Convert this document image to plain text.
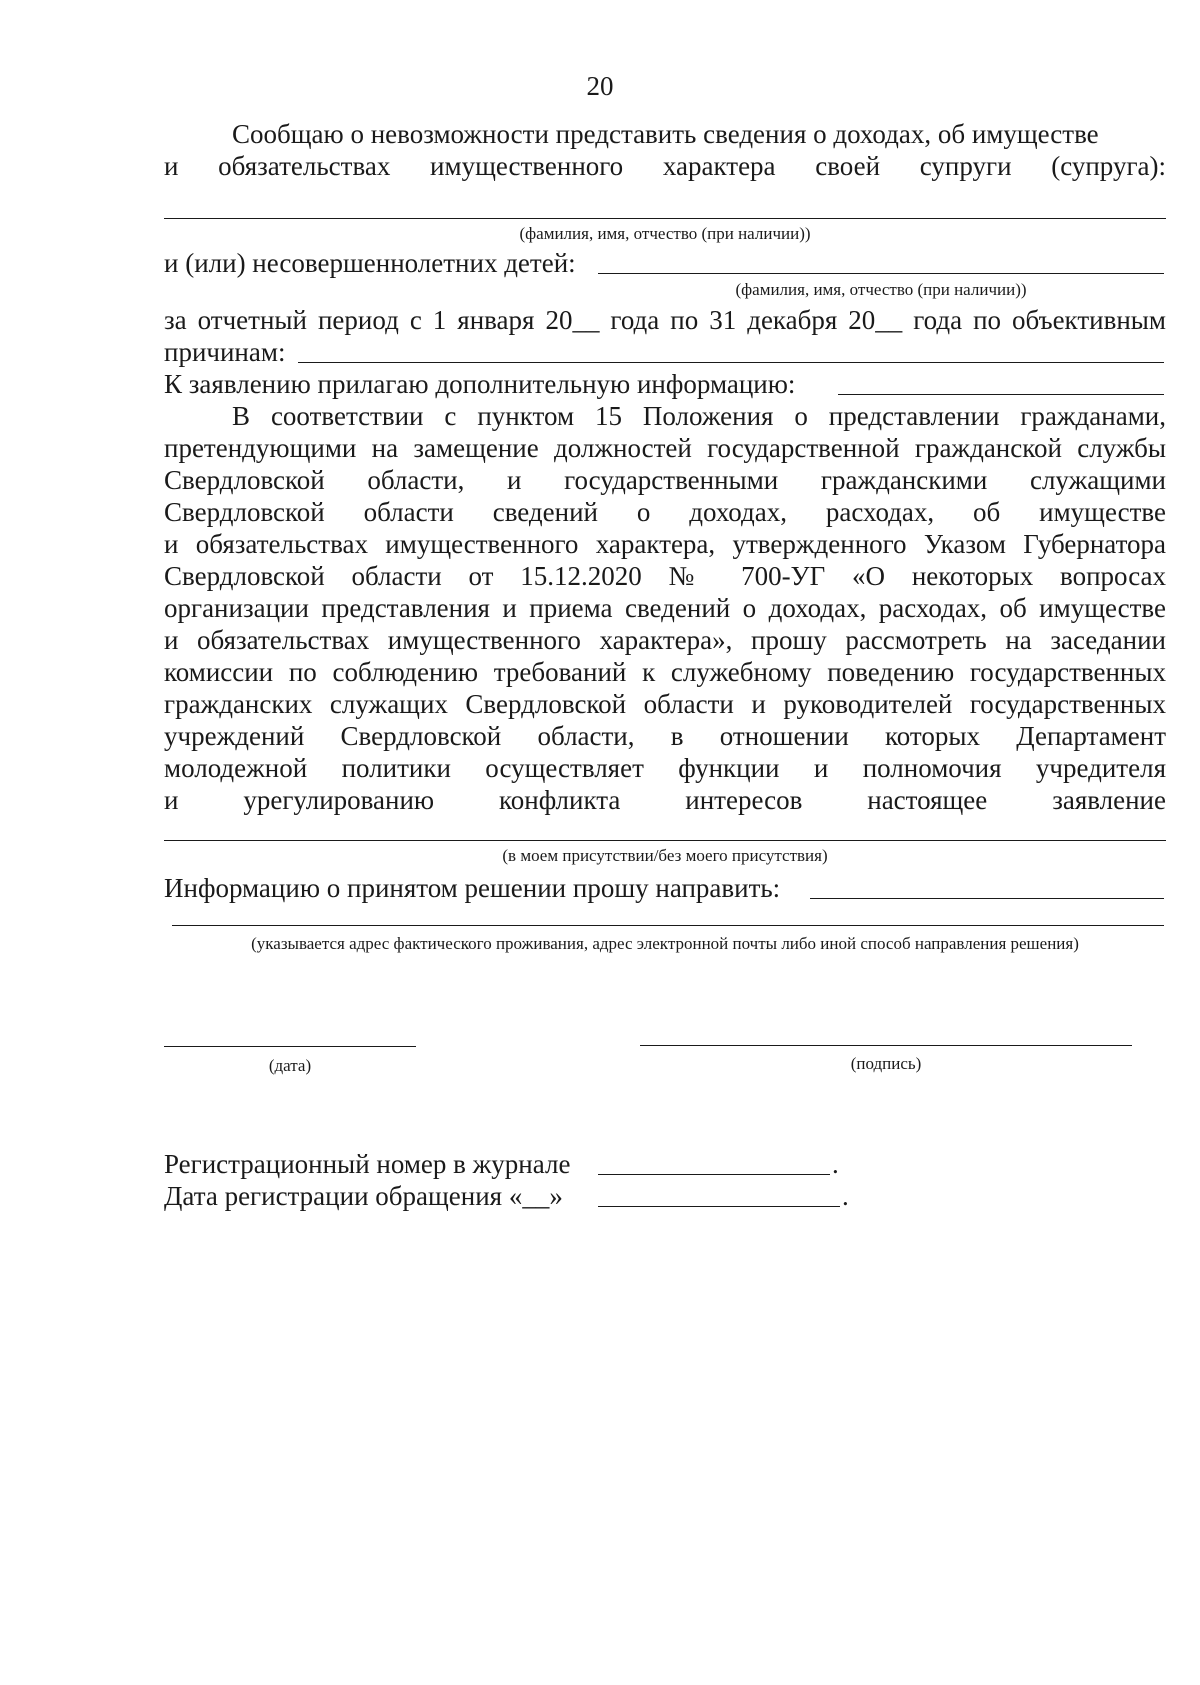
20
Сообщаю о невозможности представить сведения о доходах, об имуществе
и обязательствах имущественного характера своей супруги (супруга):
(фамилия, имя, отчество (при наличии))
и (или) несовершеннолетних детей:
(фамилия, имя, отчество (при наличии))
за отчетный период с 1 января 20__ года по 31 декабря 20__ года по объективным
причинам:
К заявлению прилагаю дополнительную информацию:
В соответствии с пунктом 15 Положения о представлении гражданами,
претендующими на замещение должностей государственной гражданской службы
Свердловской области, и государственными гражданскими служащими
Свердловской области сведений о доходах, расходах, об имуществе
и обязательствах имущественного характера, утвержденного Указом Губернатора
Свердловской области от 15.12.2020 № 700-УГ «О некоторых вопросах
организации представления и приема сведений о доходах, расходах, об имуществе
и обязательствах имущественного характера», прошу рассмотреть на заседании
комиссии по соблюдению требований к служебному поведению государственных
гражданских служащих Свердловской области и руководителей государственных
учреждений Свердловской области, в отношении которых Департамент
молодежной политики осуществляет функции и полномочия учредителя
и урегулированию конфликта интересов настоящее заявление
(в моем присутствии/без моего присутствия)
Информацию о принятом решении прошу направить:
(указывается адрес фактического проживания, адрес электронной почты либо иной способ направления решения)
(дата)	(подпись)
Регистрационный номер в журнале	.
Дата регистрации обращения «__»	.
